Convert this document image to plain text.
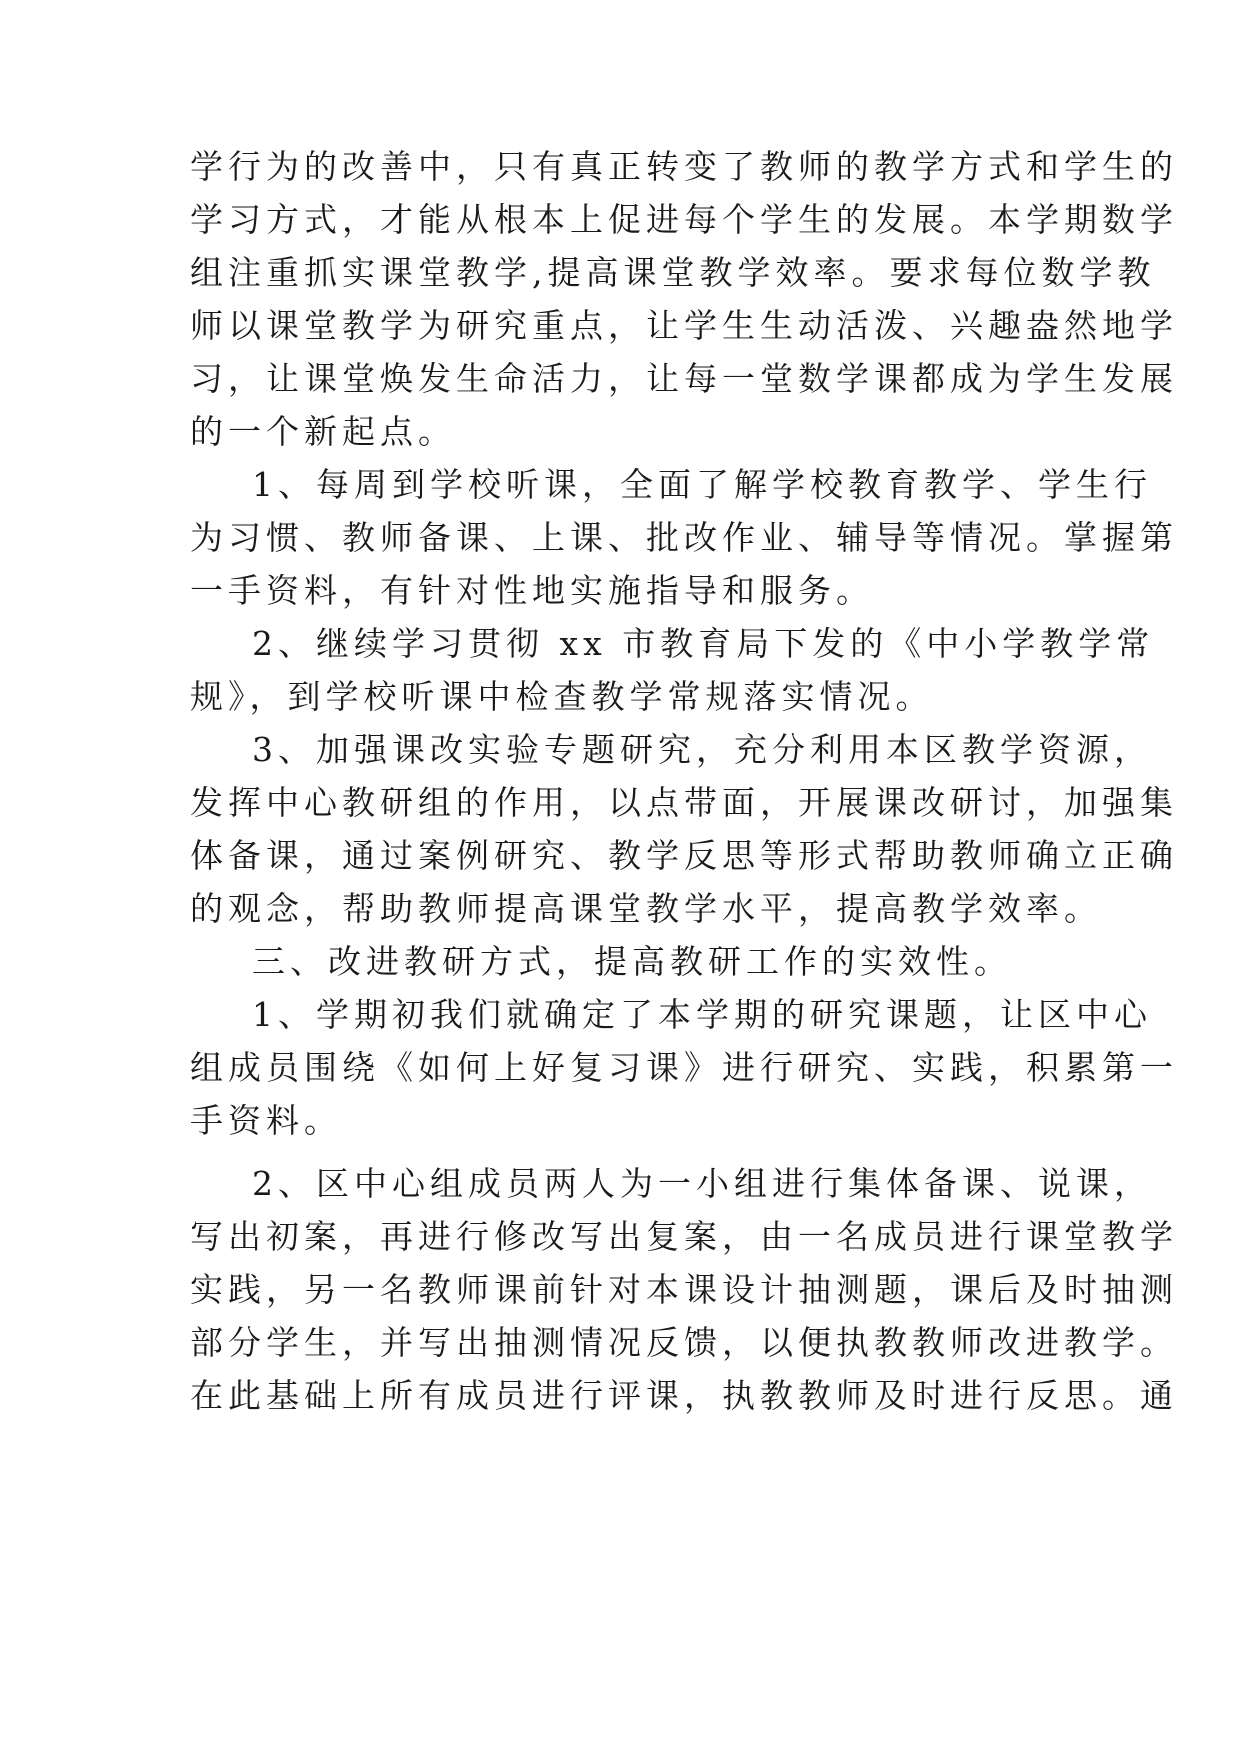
学行为的改善中，只有真正转变了教师的教学方式和学生的

学习方式，才能从根本上促进每个学生的发展。本学期数学

组注重抓实课堂教学,提高课堂教学效率。要求每位数学教

师以课堂教学为研究重点，让学生生动活泼、兴趣盎然地学

习，让课堂焕发生命活力，让每一堂数学课都成为学生发展

的一个新起点。

1、每周到学校听课，全面了解学校教育教学、学生行

为习惯、教师备课、上课、批改作业、辅导等情况。掌握第

一手资料，有针对性地实施指导和服务。

2、继续学习贯彻 xx 市教育局下发的《中小学教学常

规》，到学校听课中检查教学常规落实情况。

3、加强课改实验专题研究，充分利用本区教学资源，

发挥中心教研组的作用，以点带面，开展课改研讨，加强集

体备课，通过案例研究、教学反思等形式帮助教师确立正确

的观念，帮助教师提高课堂教学水平，提高教学效率。

三、改进教研方式，提高教研工作的实效性。

1、学期初我们就确定了本学期的研究课题，让区中心

组成员围绕《如何上好复习课》进行研究、实践，积累第一

手资料。

2、区中心组成员两人为一小组进行集体备课、说课，

写出初案，再进行修改写出复案，由一名成员进行课堂教学

实践，另一名教师课前针对本课设计抽测题，课后及时抽测

部分学生，并写出抽测情况反馈，以便执教教师改进教学。

在此基础上所有成员进行评课，执教教师及时进行反思。通
